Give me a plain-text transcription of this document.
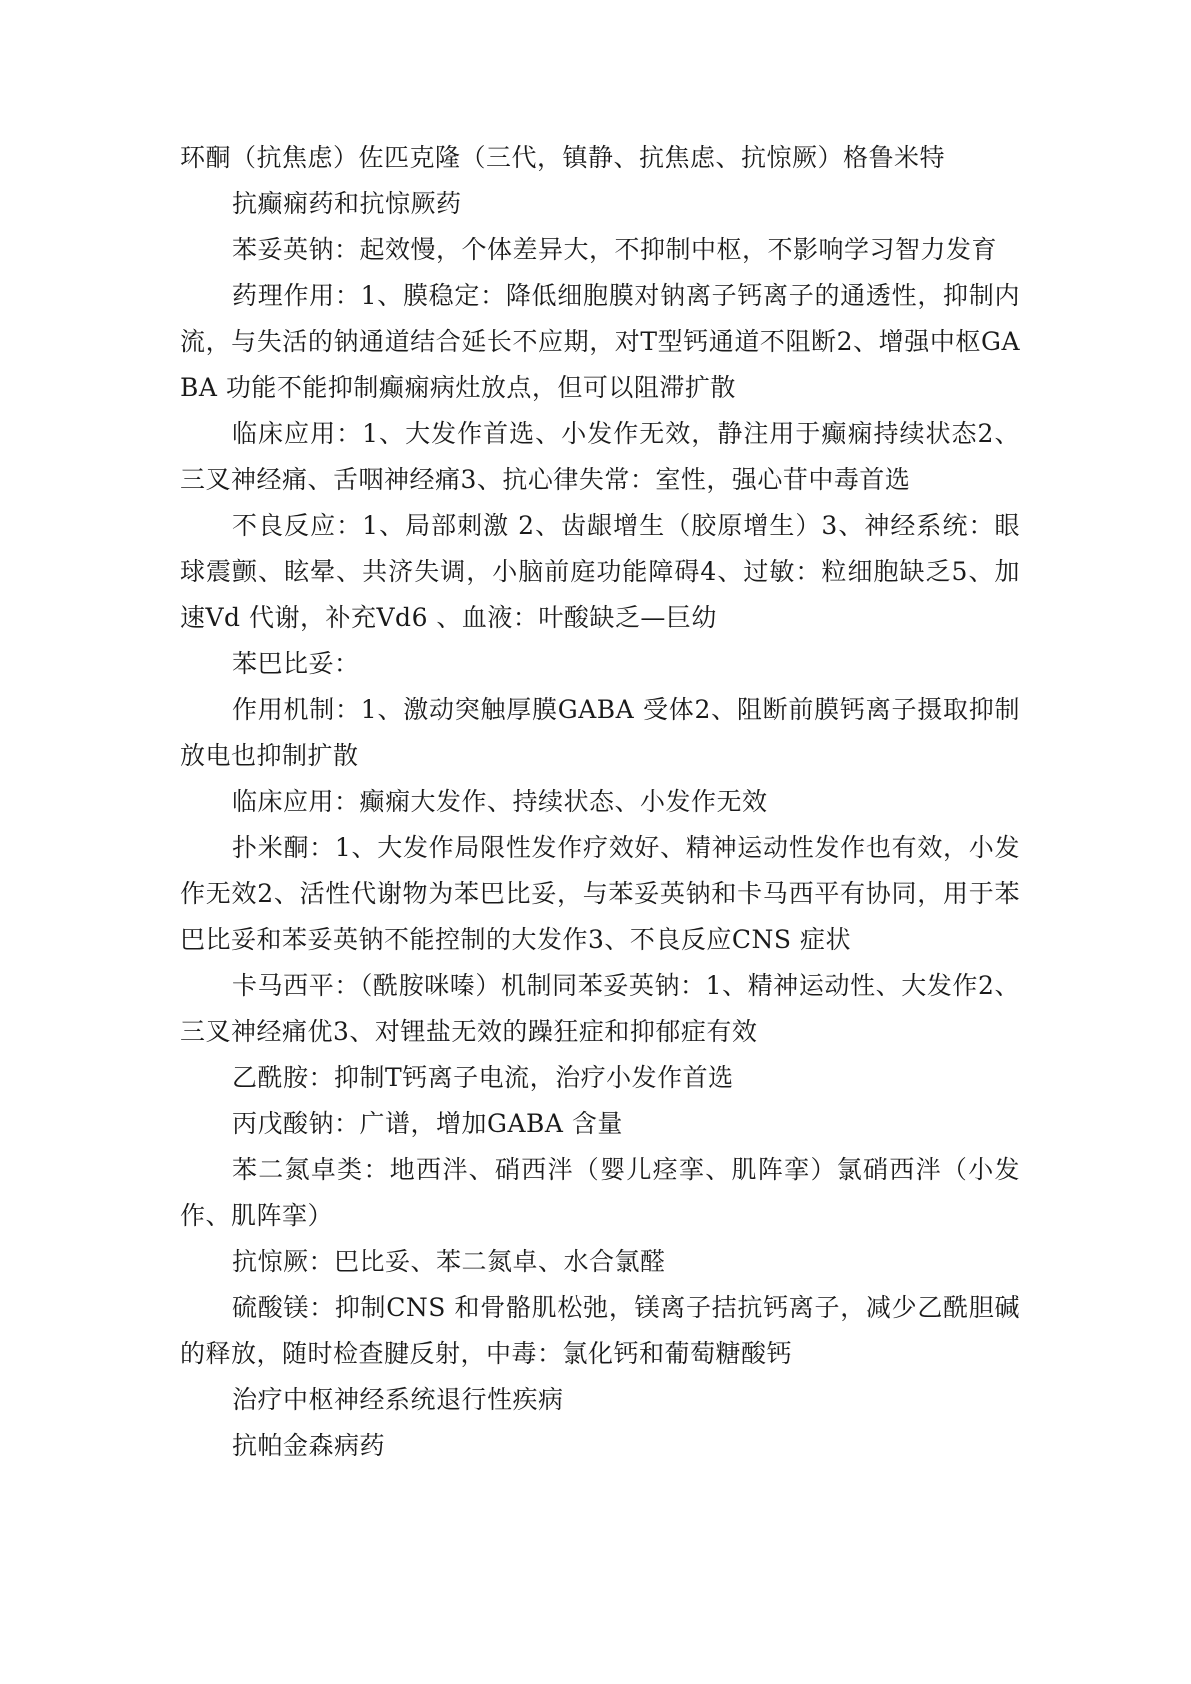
环酮（抗焦虑）佐匹克隆（三代，镇静、抗焦虑、抗惊厥）格鲁米特

抗癫痫药和抗惊厥药

苯妥英钠：起效慢，个体差异大，不抑制中枢，不影响学习智力发育

药理作用：1、膜稳定：降低细胞膜对钠离子钙离子的通透性，抑制内流，与失活的钠通道结合延长不应期，对T型钙通道不阻断2、增强中枢GABA 功能不能抑制癫痫病灶放点，但可以阻滞扩散

临床应用：1、大发作首选、小发作无效，静注用于癫痫持续状态2、三叉神经痛、舌咽神经痛3、抗心律失常：室性，强心苷中毒首选

不良反应：1、局部刺激 2、齿龈增生（胶原增生）3、神经系统：眼球震颤、眩晕、共济失调，小脑前庭功能障碍4、过敏：粒细胞缺乏5、加速Vd 代谢，补充Vd6 、血液：叶酸缺乏—巨幼

苯巴比妥：

作用机制：1、激动突触厚膜GABA 受体2、阻断前膜钙离子摄取抑制放电也抑制扩散

临床应用：癫痫大发作、持续状态、小发作无效

扑米酮：1、大发作局限性发作疗效好、精神运动性发作也有效，小发作无效2、活性代谢物为苯巴比妥，与苯妥英钠和卡马西平有协同，用于苯巴比妥和苯妥英钠不能控制的大发作3、不良反应CNS 症状

卡马西平：（酰胺咪嗪）机制同苯妥英钠：1、精神运动性、大发作2、三叉神经痛优3、对锂盐无效的躁狂症和抑郁症有效

乙酰胺：抑制T钙离子电流，治疗小发作首选

丙戊酸钠：广谱，增加GABA 含量

苯二氮卓类：地西泮、硝西泮（婴儿痉挛、肌阵挛）氯硝西泮（小发作、肌阵挛）

抗惊厥：巴比妥、苯二氮卓、水合氯醛

硫酸镁：抑制CNS 和骨骼肌松弛，镁离子拮抗钙离子，减少乙酰胆碱的释放，随时检查腱反射，中毒：氯化钙和葡萄糖酸钙

治疗中枢神经系统退行性疾病

抗帕金森病药
